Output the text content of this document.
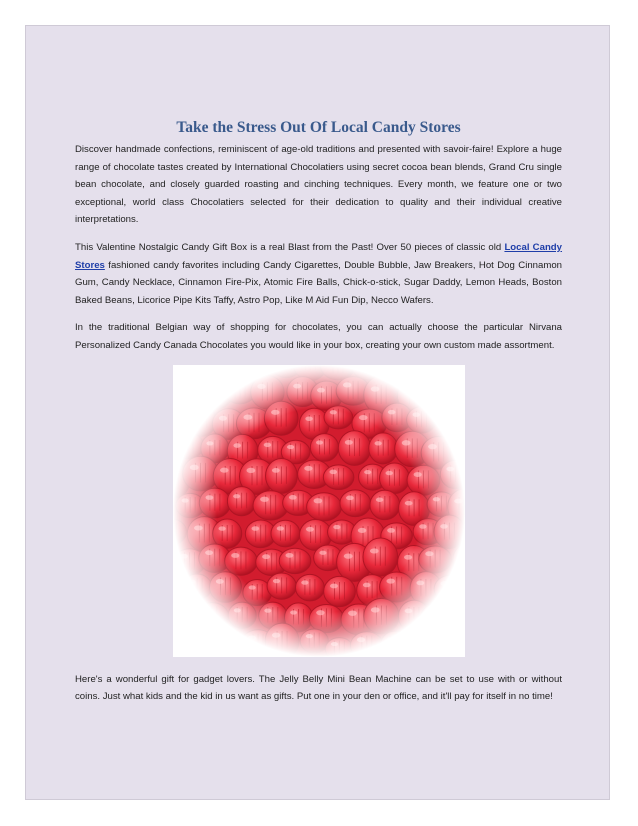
Take the Stress Out Of Local Candy Stores

Discover handmade confections, reminiscent of age-old traditions and presented with savoir-faire! Explore a huge range of chocolate tastes created by International Chocolatiers using secret cocoa bean blends, Grand Cru single bean chocolate, and closely guarded roasting and cinching techniques. Every month, we feature one or two exceptional, world class Chocolatiers selected for their dedication to quality and their individual creative interpretations.

This Valentine Nostalgic Candy Gift Box is a real Blast from the Past! Over 50 pieces of classic old Local Candy Stores fashioned candy favorites including Candy Cigarettes, Double Bubble, Jaw Breakers, Hot Dog Cinnamon Gum, Candy Necklace, Cinnamon Fire-Pix, Atomic Fire Balls, Chick-o-stick, Sugar Daddy, Lemon Heads, Boston Baked Beans, Licorice Pipe Kits Taffy, Astro Pop, Like M Aid Fun Dip, Necco Wafers.

In the traditional Belgian way of shopping for chocolates, you can actually choose the particular Nirvana Personalized Candy Canada Chocolates you would like in your box, creating your own custom made assortment.

Here's a wonderful gift for gadget lovers. The Jelly Belly Mini Bean Machine can be set to use with or without coins. Just what kids and the kid in us want as gifts. Put one in your den or office, and it'll pay for itself in no time!
